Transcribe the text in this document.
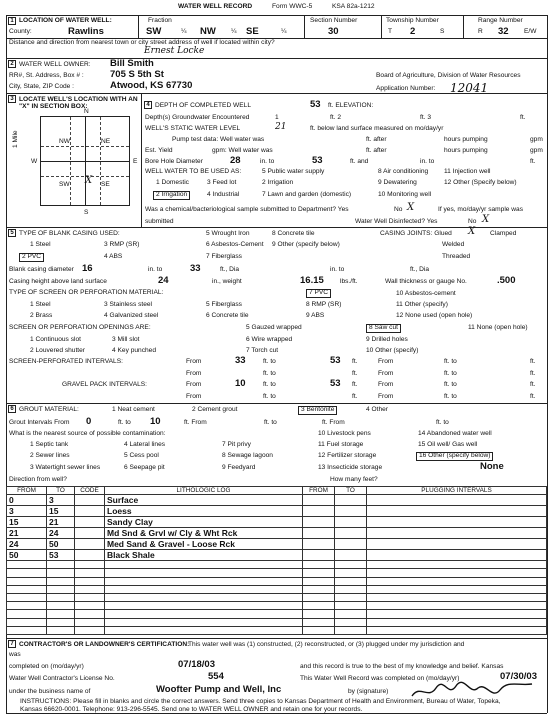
WATER WELL RECORD	Form WWC-5	KSA 82a-1212
1 LOCATION OF WATER WELL:
County:	Rawlins
Fraction
SW	¼ NW ¼ SE	¼
Section Number
30
Township Number
T 2	S
Range Number
R 32 E/W
Distance and direction from nearest town or city street address of well if located within city?
Ernest Locke
2 WATER WELL OWNER: Bill Smith
RR#, St. Address, Box # :	705 S 5th St
City, State, ZIP Code :	Atwood, KS 67730
Board of Agriculture, Division of Water Resources
Application Number: 12041
3 LOCATE WELL'S LOCATION WITH AN "X" IN SECTION BOX:
N
S
W	E
1 Mile	NW	NE
SW	SE
X
4 DEPTH OF COMPLETED WELL	53 ft. ELEVATION:
Depth(s) Groundwater Encountered	1	ft. 2	ft. 3	ft.
WELL'S STATIC WATER LEVEL	21	ft. below land surface measured on mo/day/yr
Pump test data: Well water was	ft. after	hours pumping	gpm
Est. Yield	gpm: Well water was	ft. after	hours pumping	gpm
Bore Hole Diameter	28	in. to	53	ft. and	in. to	ft.
WELL WATER TO BE USED AS:	5 Public water supply	8 Air conditioning 11 Injection well
1 Domestic	3 Feed lot	2 Irrigation	9 Dewatering	12 Other (Specify below)
2 Irrigation	4 Industrial	7 Lawn and garden (domestic)	10 Monitoring well
Was a chemical/bacteriological sample submitted to Department? Yes	No X	If yes, mo/day/yr sample was
submitted	Water Well Disinfected? Yes	No X
5 TYPE OF BLANK CASING USED:	5 Wrought Iron	8 Concrete tile	CASING JOINTS: Glued X Clamped
1 Steel	3 RMP (SR)	6 Asbestos-Cement 9 Other (specify below)	Welded
2 PVC	4 ABS	7 Fiberglass	Threaded
Blank casing diameter 16	in. to	33	ft., Dia	in. to	ft., Dia
Casing height above land surface	24	in., weight	16.15 lbs./ft.	Wall thickness or gauge No.	.500
TYPE OF SCREEN OR PERFORATION MATERIAL:	7 PVC	10 Asbestos-cement
1 Steel	3 Stainless steel	5 Fiberglass	8 RMP (SR)	11 Other (specify)
2 Brass	4 Galvanized steel	6 Concrete tile	9 ABS	12 None used (open hole)
SCREEN OR PERFORATION OPENINGS ARE:	5 Gauzed wrapped	8 Saw cut	11 None (open hole)
1 Continuous slot	3 Mill slot	6 Wire wrapped	9 Drilled holes
2 Louvered shutter	4 Key punched	7 Torch cut	10 Other (specify)
SCREEN-PERFORATED INTERVALS:	From	33	ft. to	53 ft.	From	ft. to	ft.
From	ft. to	ft.	From	ft. to	ft.
GRAVEL PACK INTERVALS:	From	10	ft. to	53 ft.	From	ft. to	ft.
From	ft. to	ft.	From	ft. to	ft.
6 GROUT MATERIAL:	1 Neat cement	2 Cement grout	3 Bentonite	4 Other
Grout Intervals From 0	ft. to 10	ft. From	ft. to	ft. From	ft. to
What is the nearest source of possible contamination:	10 Livestock pens	14 Abandoned water well
1 Septic tank	4 Lateral lines	7 Pit privy	11 Fuel storage	15 Oil well/ Gas well
2 Sewer lines	5 Cess pool	8 Sewage lagoon	12 Fertilizer storage	16 Other (specify below)
3 Watertight sewer lines	6 Seepage pit	9 Feedyard	13 Insecticide storage	None
Direction from well?	How many feet?
FROM	TO	CODE	LITHOLOGIC LOG	FROM	TO	PLUGGING INTERVALS
0	3		Surface			
3	15		Loess			
15	21		Sandy Clay			
21	24		Md Snd & Grvl w/ Cly & Wht Rck			
24	50		Med Sand & Gravel - Loose Rck			
50	53		Black Shale			

7 CONTRACTOR'S OR LANDOWNER'S CERTIFICATION:
This water well was (1) constructed, (2) reconstructed, or (3) plugged under my jurisdiction and
was
completed on (mo/day/yr)	07/18/03	and this record is true to the best of my knowledge and belief. Kansas
Water Well Contractor's License No.	554	This Water Well Record was completed on (mo/day/yr)	07/30/03
under the business name of	Woofter Pump and Well, Inc	by (signature)
INSTRUCTIONS: Please fill in blanks and circle the correct answers. Send three copies to Kansas Department of Health and Environment, Bureau of Water, Topeka,
Kansas 66620-0001. Telephone: 913-296-5545. Send one to WATER WELL OWNER and retain one for your records.
